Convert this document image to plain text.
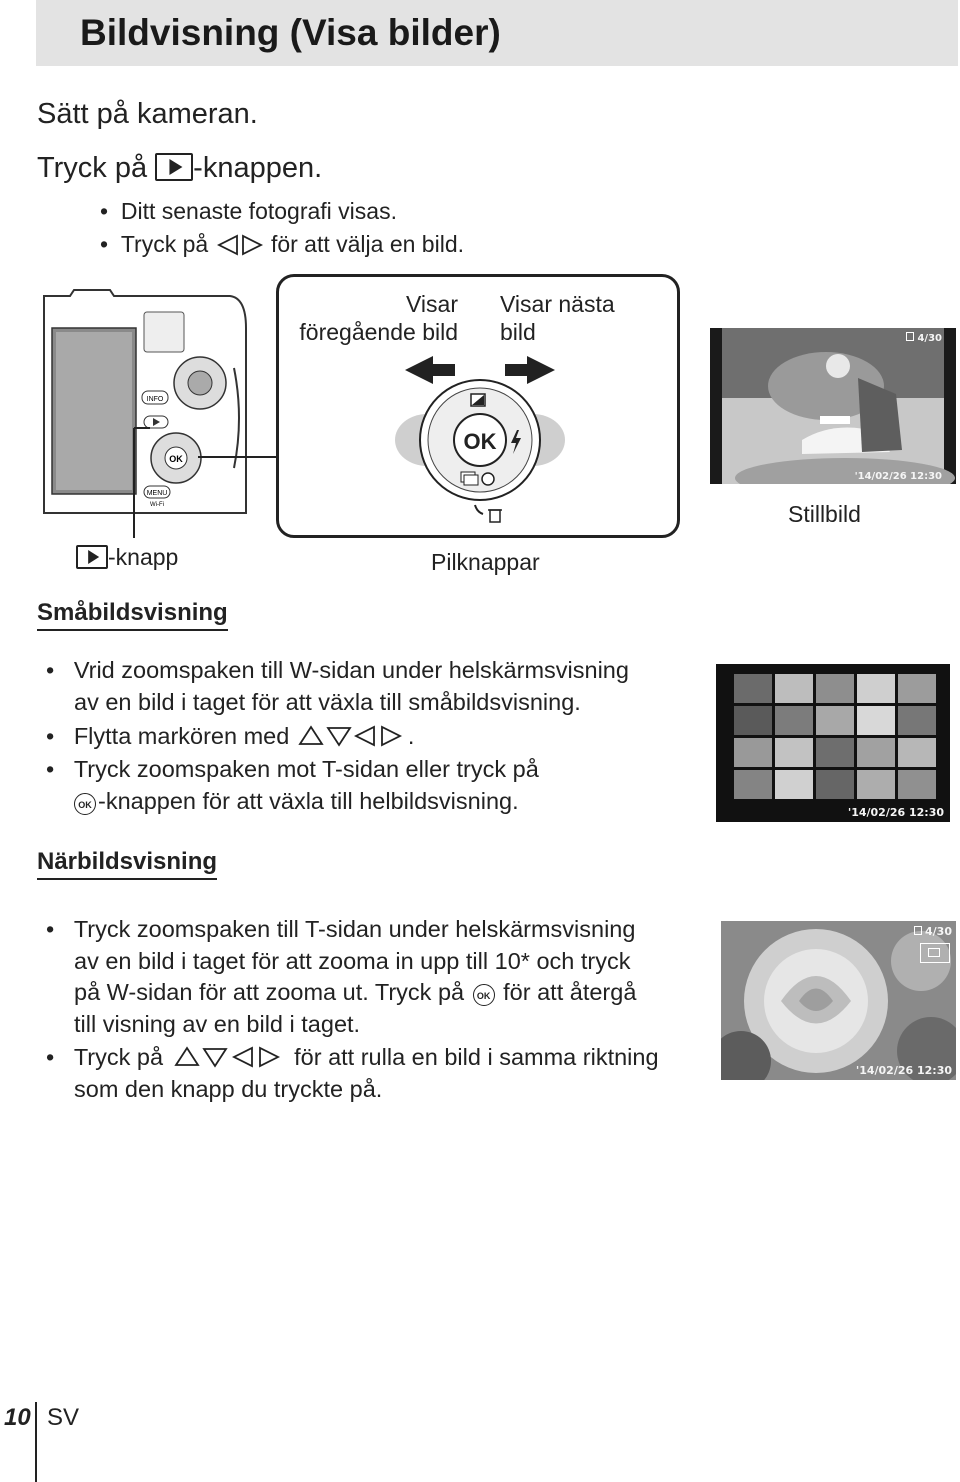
Bildvisning (Visa bilder)
Sätt på kameran.
Tryck på -knappen.
•  Ditt senaste fotografi visas.
•  Tryck på  för att välja en bild.
INFO
OK
MENU
Wi-Fi
Visar
föregående bild
Visar nästa
bild
OK
4/30
'14/02/26 12:30
-knapp	Pilknappar
Stillbild
Småbildsvisning
•   Vrid zoomspaken till W-sidan under helskärmsvisning
av en bild i taget för att växla till småbildsvisning.
•   Flytta markören med	.
•   Tryck zoomspaken mot T-sidan eller tryck på
OK -knappen för att växla till helbildsvisning.	'14/02/26 12:30
Närbildsvisning
•   Tryck zoomspaken till T-sidan under helskärmsvisning
av en bild i taget för att zooma in upp till 10* och tryck
på W-sidan för att zooma ut. Tryck på OK för att återgå
till visning av en bild i taget.
•   Tryck på	för att rulla en bild i samma riktning
som den knapp du tryckte på.
4/30
'14/02/26 12:30
10 SV
